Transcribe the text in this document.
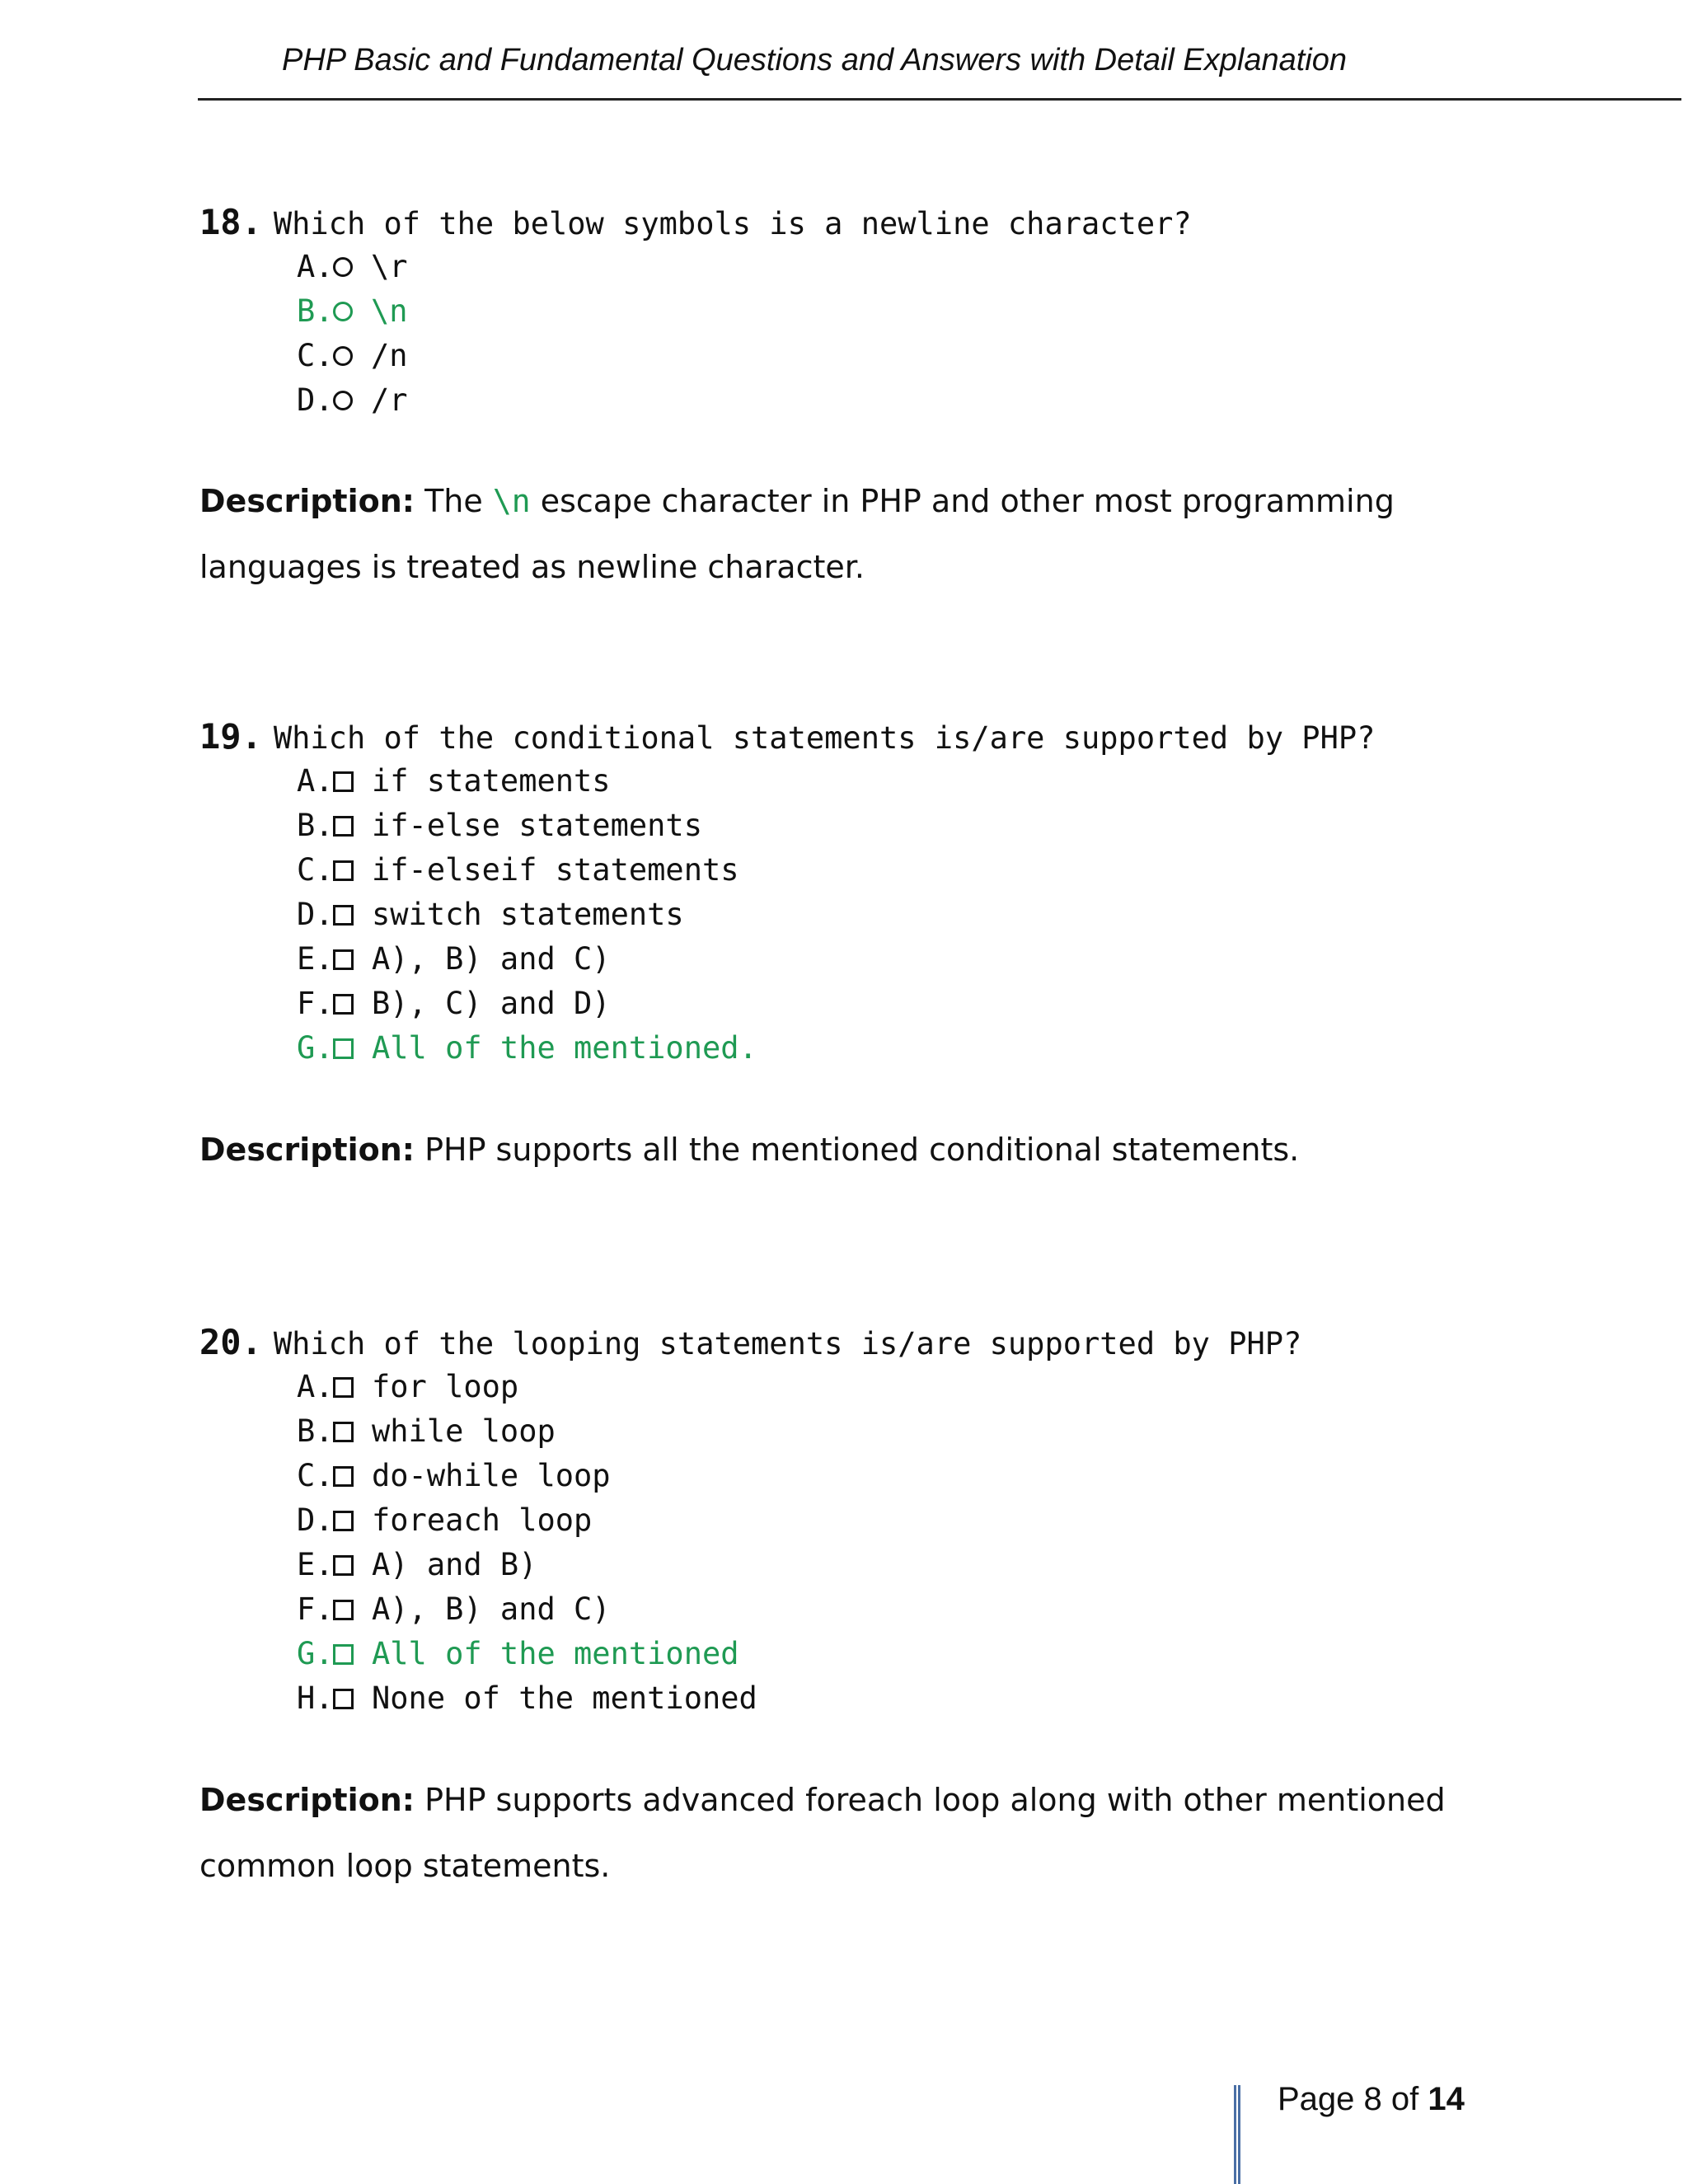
PHP Basic and Fundamental Questions and Answers with Detail Explanation
18. Which of the below symbols is a newline character?
A. \r
B. \n
C. /n
D. /r
Description: The \n escape character in PHP and other most programming languages is treated as newline character.
19. Which of the conditional statements is/are supported by PHP?
A. if statements
B. if-else statements
C. if-elseif statements
D. switch statements
E. A), B) and C)
F. B), C) and D)
G. All of the mentioned.
Description: PHP supports all the mentioned conditional statements.
20. Which of the looping statements is/are supported by PHP?
A. for loop
B. while loop
C. do-while loop
D. foreach loop
E. A) and B)
F. A), B) and C)
G. All of the mentioned
H. None of the mentioned
Description: PHP supports advanced foreach loop along with other mentioned common loop statements.
Page 8 of 14
